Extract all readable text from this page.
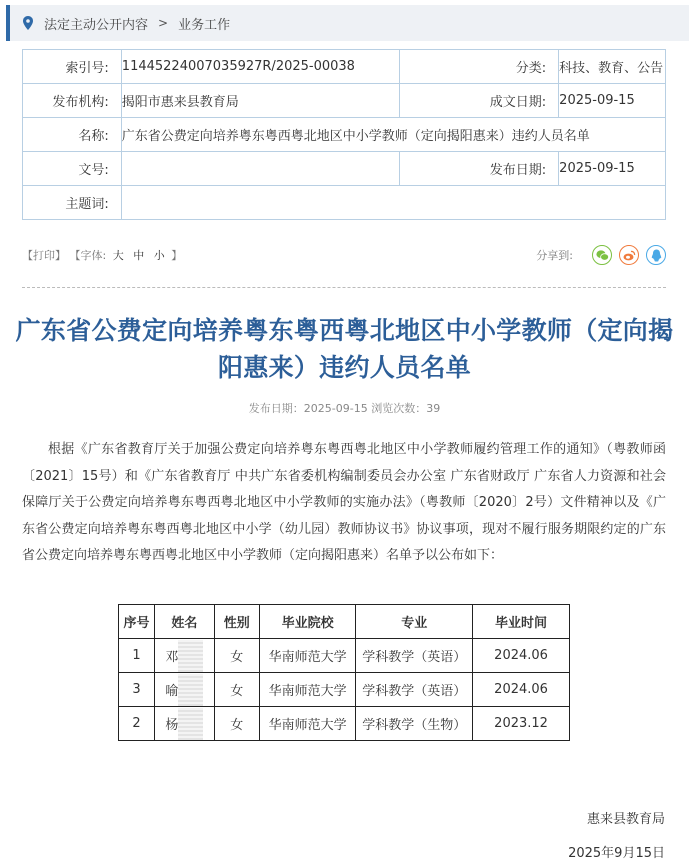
法定主动公开内容 > 业务工作
索引号:	11445224007035927R/2025-00038	分类:	科技、教育、公告
发布机构:	揭阳市惠来县教育局	成文日期:	2025-09-15
名称:	广东省公费定向培养粤东粤西粤北地区中小学教师（定向揭阳惠来）违约人员名单		
文号:		发布日期:	2025-09-15
主题词:			
【打印】 【字体: 大 中 小 】	分享到:
广东省公费定向培养粤东粤西粤北地区中小学教师（定向揭阳惠来）违约人员名单
发布日期：2025-09-15 浏览次数：39

根据《广东省教育厅关于加强公费定向培养粤东粤西粤北地区中小学教师履约管理工作的通知》（粤教师函〔2021〕15号）和《广东省教育厅 中共广东省委机构编制委员会办公室 广东省财政厅 广东省人力资源和社会保障厅关于公费定向培养粤东粤西粤北地区中小学教师的实施办法》（粤教师〔2020〕2号）文件精神以及《广东省公费定向培养粤东粤西粤北地区中小学（幼儿园）教师协议书》协议事项，现对不履行服务期限约定的广东省公费定向培养粤东粤西粤北地区中小学教师（定向揭阳惠来）名单予以公布如下：

序号	姓名	性别	毕业院校	专业	毕业时间
1	邓	女	华南师范大学	学科教学（英语）	2024.06
3	喻	女	华南师范大学	学科教学（英语）	2024.06
2	杨	女	华南师范大学	学科教学（生物）	2023.12
惠来县教育局
2025年9月15日
